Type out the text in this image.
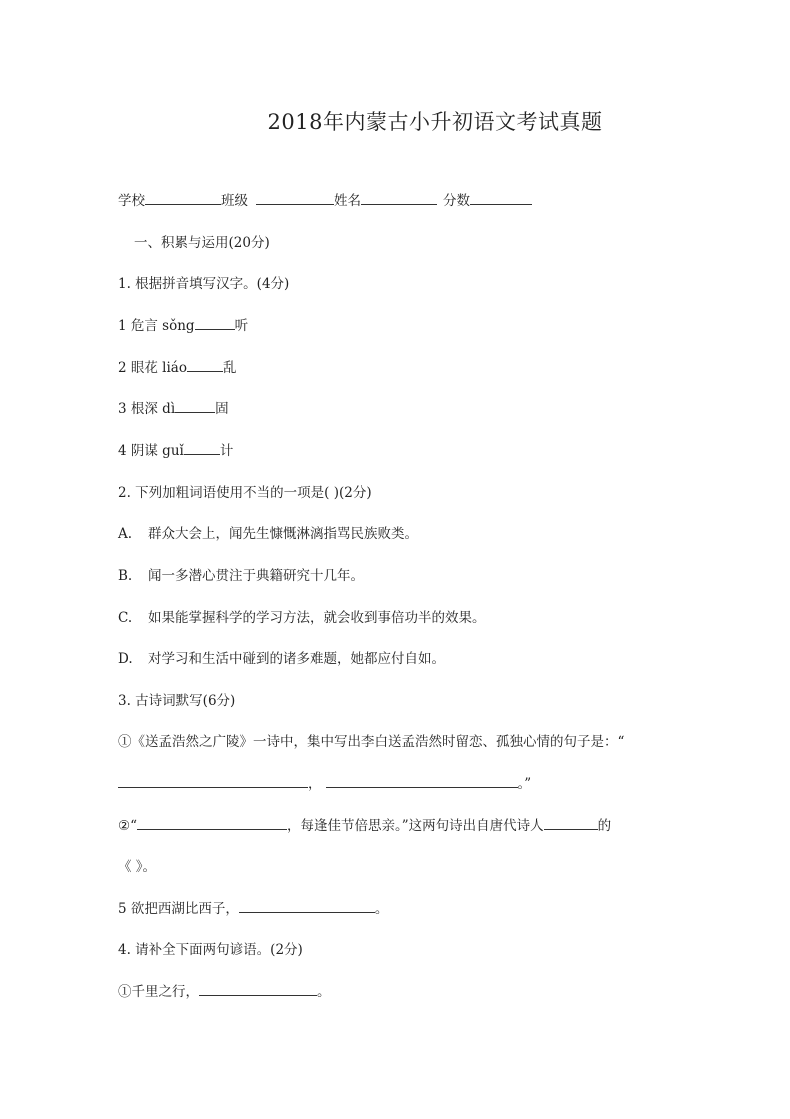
2018年内蒙古小升初语文考试真题
学校	班级	姓名	分数
一、积累与运用(20分)
1. 根据拼音填写汉字。(4分)
1 危言 sǒng	听
2 眼花 liáo	乱
3 根深 dì	固
4 阴谋 guǐ	计
2. 下列加粗词语使用不当的一项是( )(2分)
A. 群众大会上，闻先生慷慨淋漓指骂民族败类。
B. 闻一多潜心贯注于典籍研究十几年。
C. 如果能掌握科学的学习方法，就会收到事倍功半的效果。
D. 对学习和生活中碰到的诸多难题，她都应付自如。
3. 古诗词默写(6分)
①《送孟浩然之广陵》一诗中，集中写出李白送孟浩然时留恋、孤独心情的句子是：“
，	。”
②“	，每逢佳节倍思亲。”这两句诗出自唐代诗人	的
《 》。
5 欲把西湖比西子，	。
4. 请补全下面两句谚语。(2分)
①千里之行，	。
